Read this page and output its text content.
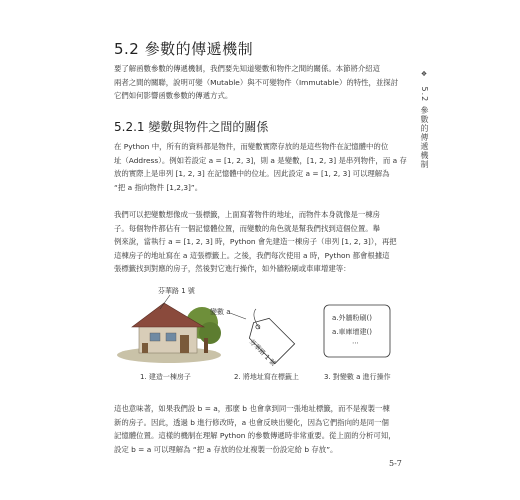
5.2 參數的傳遞機制
要了解函數參數的傳遞機制，我們要先知道變數和物件之間的關係。本節將介紹這
兩者之間的關聯，說明可變（Mutable）與不可變物件（Immutable）的特性，並探討
它們如何影響函數參數的傳遞方式。
5.2.1 變數與物件之間的關係
在 Python 中，所有的資料都是物件，而變數實際存放的是這些物件在記憶體中的位
址（Address）。例如若設定 a = [1, 2, 3]，則 a 是變數，[1, 2, 3] 是串列物件，而 a 存
放的實際上是串列 [1, 2, 3] 在記憶體中的位址。因此設定 a = [1, 2, 3] 可以理解為
“把 a 指向物件 [1,2,3]”。
我們可以把變數想像成一張標籤，上面寫著物件的地址，而物件本身就像是一棟房
子。每個物件都佔有一個記憶體位置，而變數的角色就是幫我們找到這個位置。舉
例來說，當執行 a = [1, 2, 3] 時，Python 會先建造一棟房子（串列 [1, 2, 3]），再把
這棟房子的地址寫在 a 這張標籤上。之後，我們每次使用 a 時，Python 都會根據這
張標籤找到對應的房子，然後對它進行操作，如外牆粉刷或車庫增建等：
芬華路 1 號
變數 a
芬華路 1 號
a.外牆粉刷()
a.車庫增建()
⋯
1. 建造一棟房子	2. 將地址寫在標籤上	3. 對變數 a 進行操作
這也意味著，如果我們設 b = a，那麼 b 也會拿到同一張地址標籤，而不是複製一棟
新的房子。因此，透過 b 進行修改時，a 也會反映出變化，因為它們指向的是同一個
記憶體位置。這樣的機制在理解 Python 的參數傳遞時非常重要。從上面的分析可知，
設定 b = a 可以理解為 “把 a 存放的位址複製一份設定給 b 存放”。
❖ 5.2 參數的傳遞機制
5-7
